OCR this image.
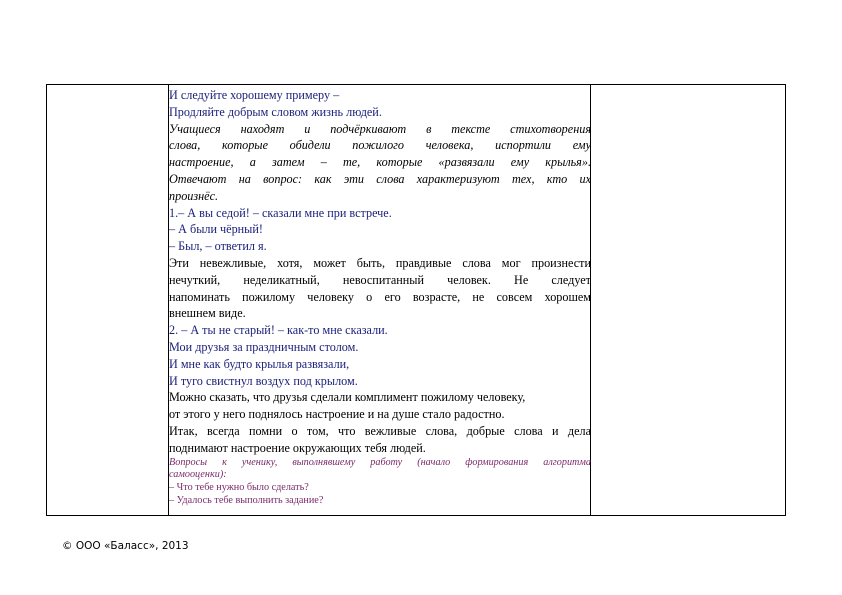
И следуйте хорошему примеру –
Продляйте добрым словом жизнь людей.
Учащиеся находят и подчёркивают в тексте стихотворения
слова, которые обидели пожилого человека, испортили ему
настроение, а затем – те, которые «развязали ему крылья».
Отвечают на вопрос: как эти слова характеризуют тех, кто их
произнёс.
1.– А вы седой! – сказали мне при встрече.
– А были чёрный!
– Был, – ответил я.
Эти невежливые, хотя, может быть, правдивые слова мог произнести
нечуткий, неделикатный, невоспитанный человек. Не следует
напоминать пожилому человеку о его возрасте, не совсем хорошем
внешнем виде.
2. – А ты не старый! – как-то мне сказали.
Мои друзья за праздничным столом.
И мне как будто крылья развязали,
И туго свистнул воздух под крылом.
Можно сказать, что друзья сделали комплимент пожилому человеку,
от этого у него поднялось настроение и на душе стало радостно.
Итак, всегда помни о том, что вежливые слова, добрые слова и дела
поднимают настроение окружающих тебя людей.
Вопросы к ученику, выполнявшему работу (начало формирования алгоритма
самооценки):
– Что тебе нужно было сделать?
– Удалось тебе выполнить задание?
© ООО «Баласс», 2013
